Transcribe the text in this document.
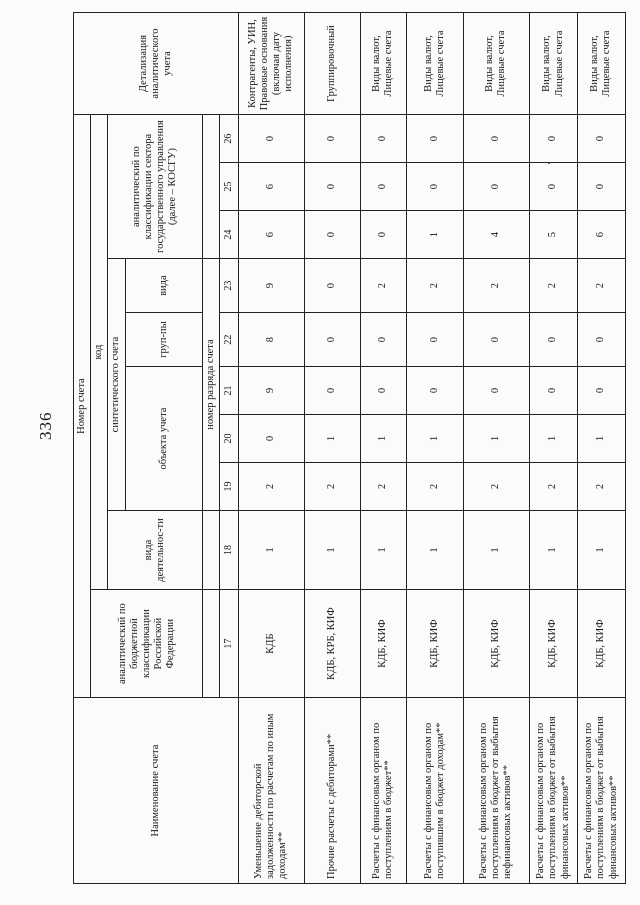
336
Наименование счета	Номер счета										Детализация аналитического учета
	аналитический по бюджетной классификации Российской Федерации	код									
		вида деятельнос-ти	синтетического счета					аналитический по классификации сектора государственного управления (далее – КОСГУ)			
			объекта учета			груп-пы	вида				
			номер разряда счета								
	17	18	19	20	21	22	23	24	25	26	
Уменьшение дебиторской задолженности по расчетам по иным доходам**	КДБ	1	2	0	9	8	9	6	6	0	Контрагенты, УИН, Правовые основания (включая дату исполнения)
Прочие расчеты с дебиторами**	КДБ, КРБ, КИФ	1	2	1	0	0	0	0	0	0	Группировочный
Расчеты с финансовым органом по поступлениям в бюджет**	КДБ, КИФ	1	2	1	0	0	2	0	0	0	Виды валют, Лицевые счета
Расчеты с финансовым органом по поступившим в бюджет доходам**	КДБ, КИФ	1	2	1	0	0	2	1	0	0	Виды валют, Лицевые счета
Расчеты с финансовым органом по поступлениям в бюджет от выбытия нефинансовых активов**	КДБ, КИФ	1	2	1	0	0	2	4	0	0	Виды валют, Лицевые счета
Расчеты с финансовым органом по поступлениям в бюджет от выбытия финансовых активов**	КДБ, КИФ	1	2	1	0	0	2	5	0	0	Виды валют, Лицевые счета
Расчеты с финансовым органом по поступлениям в бюджет от выбытия финансовых активов**	КДБ, КИФ	1	2	1	0	0	2	6	0	0	Виды валют, Лицевые счета
